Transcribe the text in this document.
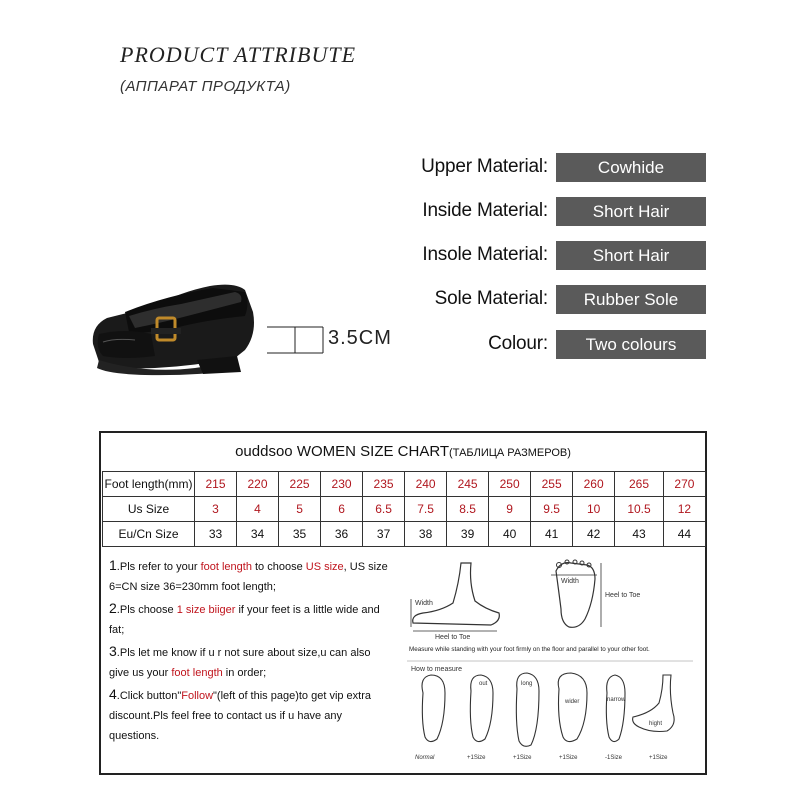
PRODUCT ATTRIBUTE
(АППАРАТ ПРОДУКТА)
3.5CM
Upper Material:	Cowhide
Inside Material:	Short Hair
Insole Material:	Short Hair
Sole Material:	Rubber Sole
Colour:	Two colours
ouddsoo WOMEN SIZE CHART(ТАБЛИЦА РАЗМЕРОВ)
Foot length(mm)	215	220	225	230	235	240	245	250	255	260	265	270
Us Size	3	4	5	6	6.5	7.5	8.5	9	9.5	10	10.5	12
Eu/Cn Size	33	34	35	36	37	38	39	40	41	42	43	44

1.Pls refer to your foot length to choose US size, US size 6=CN size 36=230mm foot length;

2.Pls choose 1 size biiger if your feet is a little wide and fat;

3.Pls let me know if u r not sure about size,u can also give us your foot length in order;

4.Click button"Follow"(left of this page)to get vip extra discount.Pls feel free to contact us if u have any questions.

Width
Heel to Toe
Width
Heel to Toe
Measure while standing with your foot firmly on the floor and parallel to your other foot.
How to measure
out	long
wider	narrow
hight
Normal	+1Size	+1Size	+1Size	-1Size	+1Size
